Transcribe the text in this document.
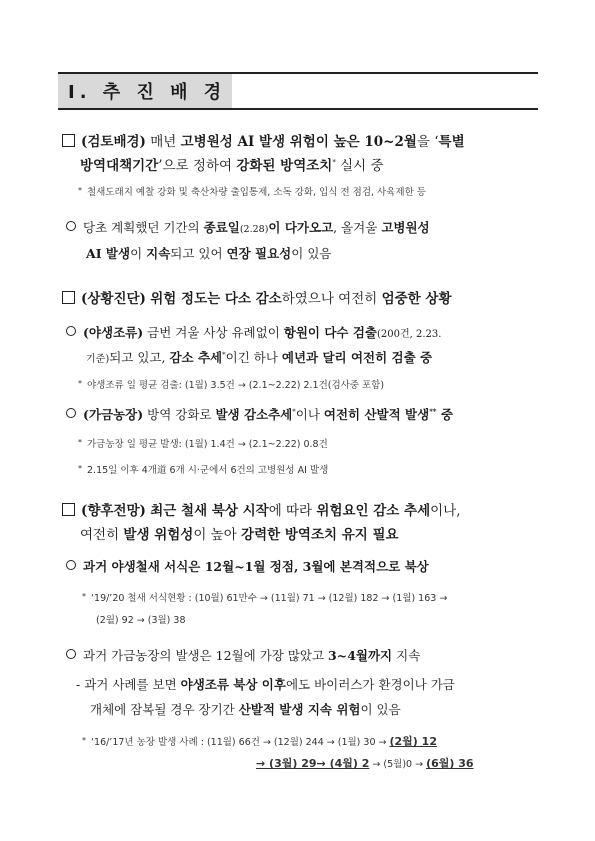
Ⅰ. 추 진 배 경
(검토배경) 매년 고병원성 AI 발생 위험이 높은 10~2월을 ‘특별
방역대책기간’으로 정하여 강화된 방역조치* 실시 중
* 철새도래지 예찰 강화 및 축산차량 출입통제, 소독 강화, 입식 전 점검, 사육제한 등
당초 계획했던 기간의 종료일(2.28)이 다가오고, 올겨울 고병원성
AI 발생이 지속되고 있어 연장 필요성이 있음
(상황진단) 위험 정도는 다소 감소하였으나 여전히 엄중한 상황
(야생조류) 금번 겨울 사상 유례없이 항원이 다수 검출(200건, 2.23.
기준)되고 있고, 감소 추세*이긴 하나 예년과 달리 여전히 검출 중
* 야생조류 일 평균 검출: (1월) 3.5건 → (2.1~2.22) 2.1건(검사중 포함)
(가금농장) 방역 강화로 발생 감소추세*이나 여전히 산발적 발생** 중
* 가금농장 일 평균 발생: (1월) 1.4건 → (2.1~2.22) 0.8건
* 2.15일 이후 4개道 6개 시·군에서 6건의 고병원성 AI 발생
(향후전망) 최근 철새 북상 시작에 따라 위험요인 감소 추세이나,
여전히 발생 위험성이 높아 강력한 방역조치 유지 필요
과거 야생철새 서식은 12월~1월 정점, 3월에 본격적으로 북상
* ‘19/’20 철새 서식현황 : (10월) 61만수 → (11월) 71 → (12월) 182 → (1월) 163 →
(2월) 92 → (3월) 38
과거 가금농장의 발생은 12월에 가장 많았고 3~4월까지 지속
- 과거 사례를 보면 야생조류 북상 이후에도 바이러스가 환경이나 가금
개체에 잠복될 경우 장기간 산발적 발생 지속 위험이 있음
* ‘16/’17년 농장 발생 사례 : (11월) 66건 → (12월) 244 → (1월) 30 → (2월) 12
→ (3월) 29→ (4월) 2 → (5월)0 → (6월) 36
